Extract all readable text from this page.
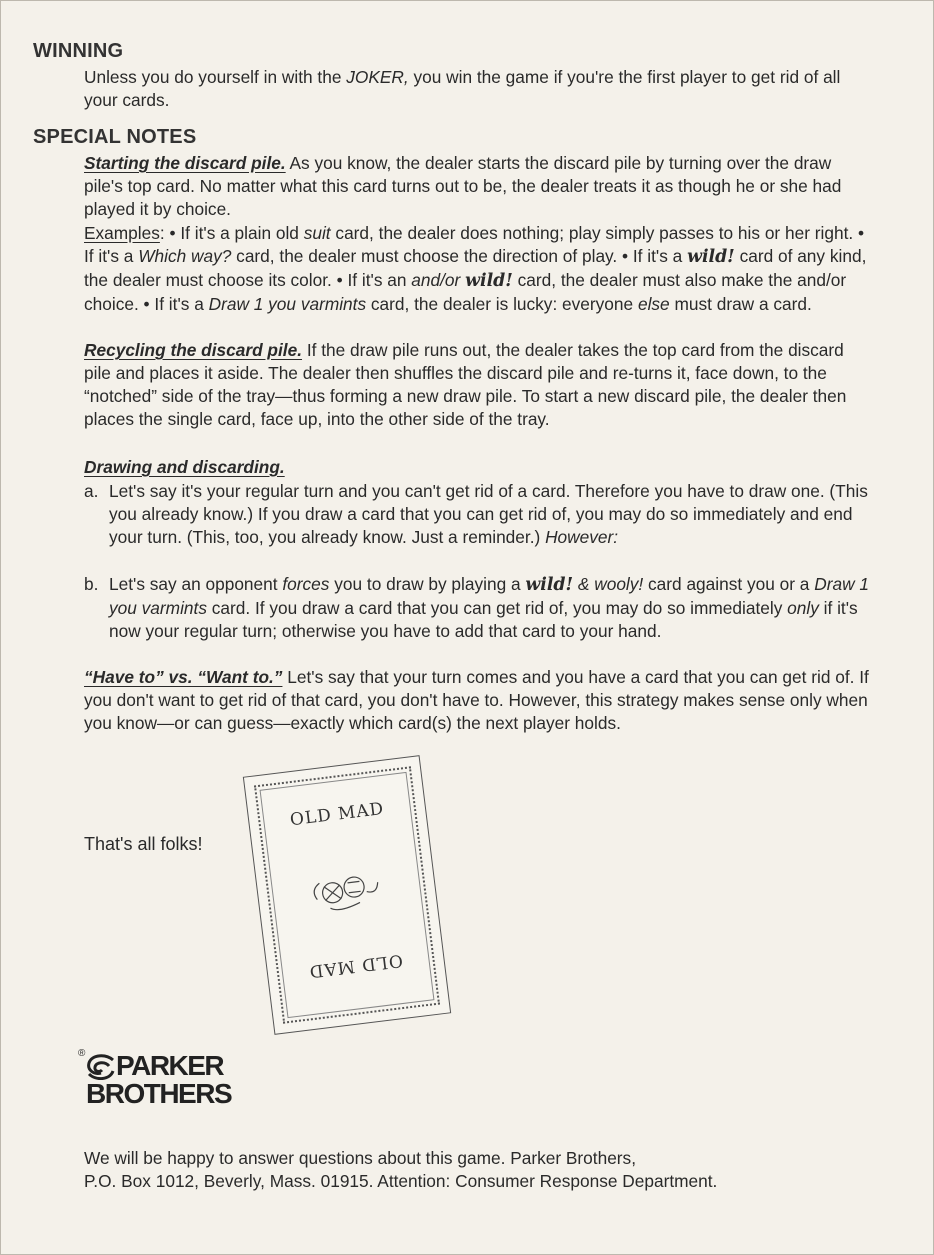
WINNING
Unless you do yourself in with the JOKER, you win the game if you're the first player to get rid of all your cards.
SPECIAL NOTES
Starting the discard pile. As you know, the dealer starts the discard pile by turning over the draw pile's top card. No matter what this card turns out to be, the dealer treats it as though he or she had played it by choice.
Examples: • If it's a plain old suit card, the dealer does nothing; play simply passes to his or her right. • If it's a Which way? card, the dealer must choose the direction of play. • If it's a wild! card of any kind, the dealer must choose its color. • If it's an and/or wild! card, the dealer must also make the and/or choice. • If it's a Draw 1 you varmints card, the dealer is lucky: everyone else must draw a card.
Recycling the discard pile. If the draw pile runs out, the dealer takes the top card from the discard pile and places it aside. The dealer then shuffles the discard pile and re-turns it, face down, to the “notched” side of the tray—thus forming a new draw pile. To start a new discard pile, the dealer then places the single card, face up, into the other side of the tray.
Drawing and discarding.
a. Let's say it's your regular turn and you can't get rid of a card. Therefore you have to draw one. (This you already know.) If you draw a card that you can get rid of, you may do so immediately and end your turn. (This, too, you already know. Just a reminder.) However:
b. Let's say an opponent forces you to draw by playing a wild! & wooly! card against you or a Draw 1 you varmints card. If you draw a card that you can get rid of, you may do so immediately only if it's now your regular turn; otherwise you have to add that card to your hand.
“Have to” vs. “Want to.” Let's say that your turn comes and you have a card that you can get rid of. If you don't want to get rid of that card, you don't have to. However, this strategy makes sense only when you know—or can guess—exactly which card(s) the next player holds.
That's all folks!
OLD MAD
OLD MAD
® PARKER
BROTHERS
We will be happy to answer questions about this game. Parker Brothers,
P.O. Box 1012, Beverly, Mass. 01915. Attention: Consumer Response Department.
